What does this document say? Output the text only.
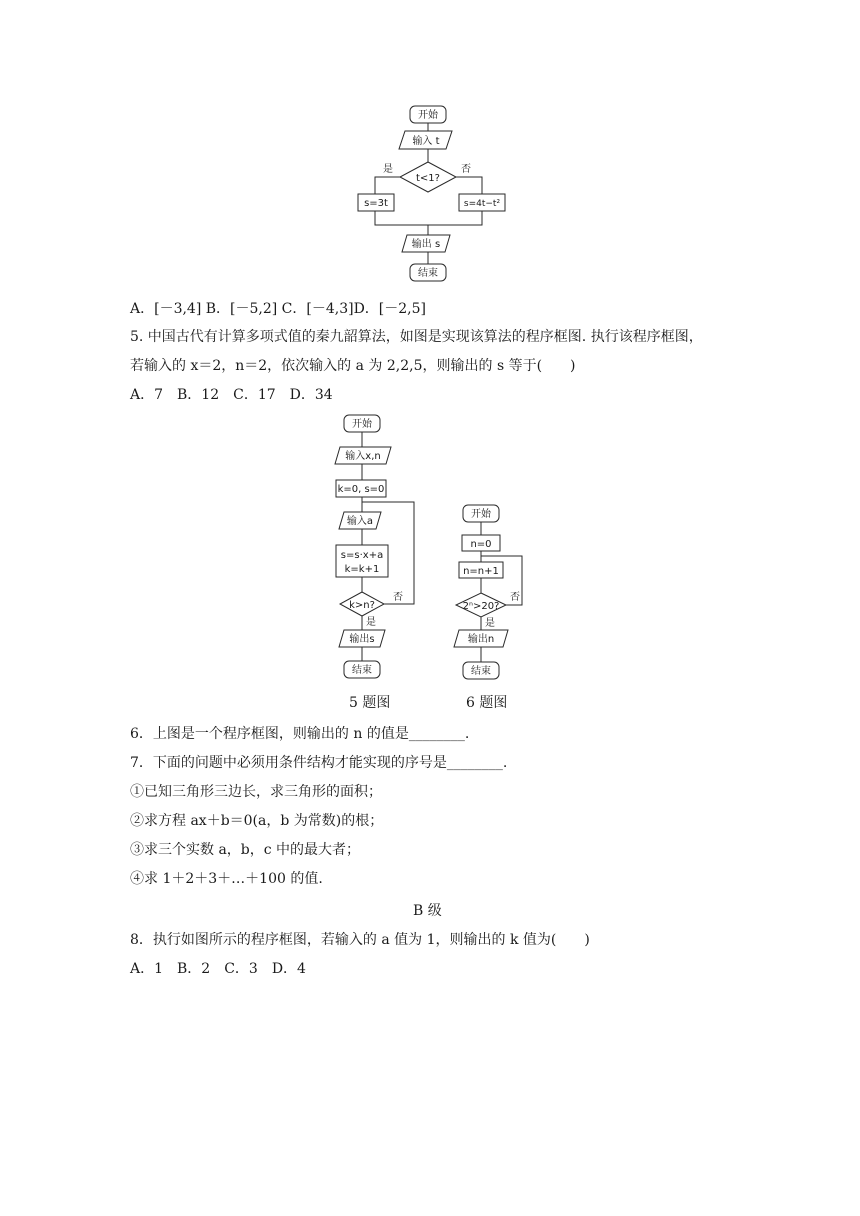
开始
输入 t
t<1?
是	否
s=3t	s=4t−t²
输出 s
结束
A．[－3,4] B．[－5,2] C．[－4,3]D．[－2,5]
5. 中国古代有计算多项式值的秦九韶算法，如图是实现该算法的程序框图. 执行该程序框图，
若输入的 x＝2，n＝2，依次输入的 a 为 2,2,5，则输出的 s 等于(　　)
A．7　B．12　C．17　D．34
开始
输入x,n
k=0, s=0
输入a
s=s·x+a
k=k+1
k>n?
否
是
输出s
结束
开始
n=0
n=n+1
2ⁿ>20?
否
是
输出n
结束
5 题图	6 题图
6．上图是一个程序框图，则输出的 n 的值是________.
7．下面的问题中必须用条件结构才能实现的序号是________.
①已知三角形三边长，求三角形的面积；
②求方程 ax＋b＝0(a，b 为常数)的根；
③求三个实数 a，b，c 中的最大者；
④求 1＋2＋3＋…＋100 的值.
B 级
8．执行如图所示的程序框图，若输入的 a 值为 1，则输出的 k 值为(　　)
A．1　B．2　C．3　D．4
